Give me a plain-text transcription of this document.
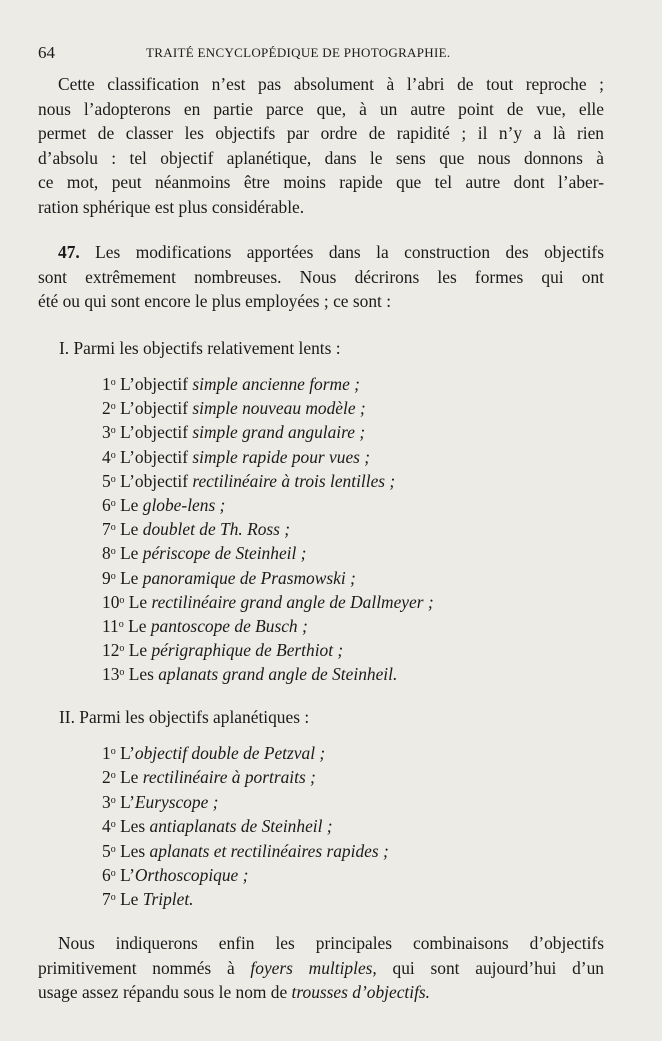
64	TRAITÉ ENCYCLOPÉDIQUE DE PHOTOGRAPHIE.
Cette classification n’est pas absolument à l’abri de tout reproche ;
nous l’adopterons en partie parce que, à un autre point de vue, elle
permet de classer les objectifs par ordre de rapidité ; il n’y a là rien
d’absolu : tel objectif aplanétique, dans le sens que nous donnons à
ce mot, peut néanmoins être moins rapide que tel autre dont l’aber-
ration sphérique est plus considérable.
47. Les modifications apportées dans la construction des objectifs
sont extrêmement nombreuses. Nous décrirons les formes qui ont
été ou qui sont encore le plus employées ; ce sont :
I. Parmi les objectifs relativement lents :
1$^o$ L’objectif simple ancienne forme ;
2$^o$ L’objectif simple nouveau modèle ;
3$^o$ L’objectif simple grand angulaire ;
4$^o$ L’objectif simple rapide pour vues ;
5$^o$ L’objectif rectilinéaire à trois lentilles ;
6$^o$ Le globe-lens ;
7$^o$ Le doublet de Th. Ross ;
8$^o$ Le périscope de Steinheil ;
9$^o$ Le panoramique de Prasmowski ;
10$^o$ Le rectilinéaire grand angle de Dallmeyer ;
11$^o$ Le pantoscope de Busch ;
12$^o$ Le périgraphique de Berthiot ;
13$^o$ Les aplanats grand angle de Steinheil.
II. Parmi les objectifs aplanétiques :
1$^o$ L’objectif double de Petzval ;
2$^o$ Le rectilinéaire à portraits ;
3$^o$ L’Euryscope ;
4$^o$ Les antiaplanats de Steinheil ;
5$^o$ Les aplanats et rectilinéaires rapides ;
6$^o$ L’Orthoscopique ;
7$^o$ Le Triplet.
Nous indiquerons enfin les principales combinaisons d’objectifs
primitivement nommés à foyers multiples, qui sont aujourd’hui d’un
usage assez répandu sous le nom de trousses d’objectifs.
